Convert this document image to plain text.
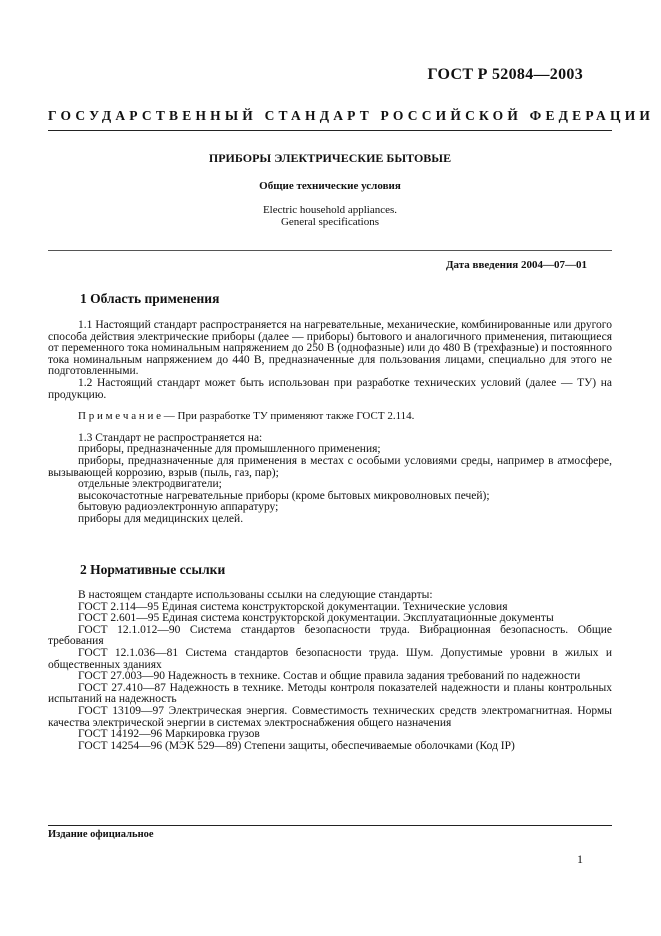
ГОСТ Р 52084—2003
ГОСУДАРСТВЕННЫЙ СТАНДАРТ РОССИЙСКОЙ ФЕДЕРАЦИИ
ПРИБОРЫ ЭЛЕКТРИЧЕСКИЕ БЫТОВЫЕ
Общие технические условия
Electric household appliances.
General specifications
Дата введения 2004—07—01
1 Область применения

1.1 Настоящий стандарт распространяется на нагревательные, механические, комбинированные или другого способа действия электрические приборы (далее — приборы) бытового и аналогичного применения, питающиеся от переменного тока номинальным напряжением до 250 В (однофазные) или до 480 В (трехфазные) и постоянного тока номинальным напряжением до 440 В, предназначенные для пользования лицами, специально для этого не подготовленными.

1.2 Настоящий стандарт может быть использован при разработке технических условий (далее — ТУ) на продукцию.

П р и м е ч а н и е — При разработке ТУ применяют также ГОСТ 2.114.

1.3 Стандарт не распространяется на:

приборы, предназначенные для промышленного применения;

приборы, предназначенные для применения в местах с особыми условиями среды, например в атмосфере, вызывающей коррозию, взрыв (пыль, газ, пар);

отдельные электродвигатели;

высокочастотные нагревательные приборы (кроме бытовых микроволновых печей);

бытовую радиоэлектронную аппаратуру;

приборы для медицинских целей.

2 Нормативные ссылки

В настоящем стандарте использованы ссылки на следующие стандарты:

ГОСТ 2.114—95 Единая система конструкторской документации. Технические условия

ГОСТ 2.601—95 Единая система конструкторской документации. Эксплуатационные документы

ГОСТ 12.1.012—90 Система стандартов безопасности труда. Вибрационная безопасность. Общие требования

ГОСТ 12.1.036—81 Система стандартов безопасности труда. Шум. Допустимые уровни в жилых и общественных зданиях

ГОСТ 27.003—90 Надежность в технике. Состав и общие правила задания требований по надежности

ГОСТ 27.410—87 Надежность в технике. Методы контроля показателей надежности и планы контрольных испытаний на надежность

ГОСТ 13109—97 Электрическая энергия. Совместимость технических средств электромагнитная. Нормы качества электрической энергии в системах электроснабжения общего назначения

ГОСТ 14192—96 Маркировка грузов

ГОСТ 14254—96 (МЭК 529—89) Степени защиты, обеспечиваемые оболочками (Код IP)

Издание официальное
1
